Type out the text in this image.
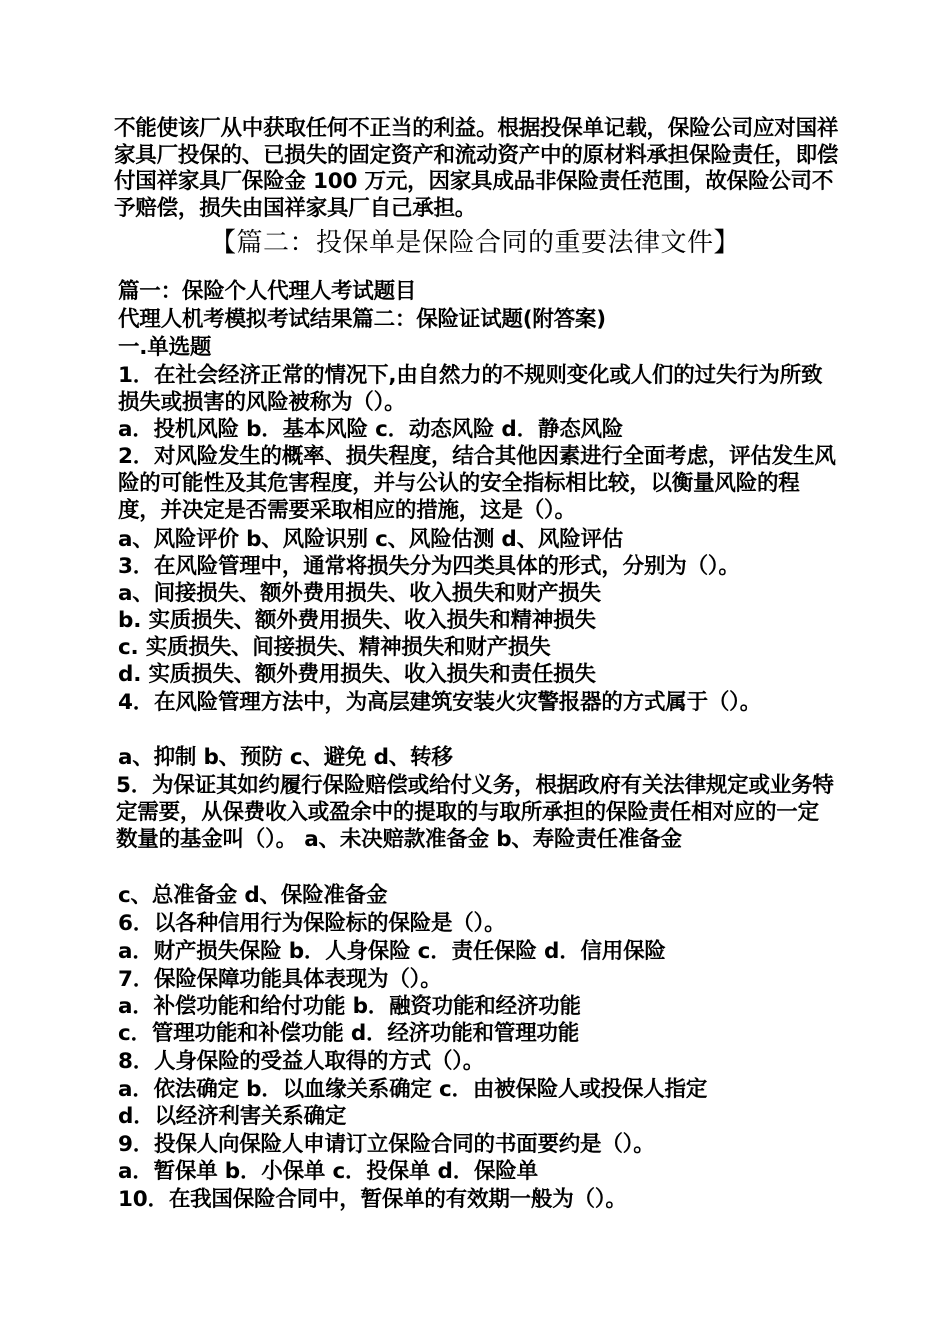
不能使该厂从中获取任何不正当的利益。根据投保单记载，保险公司应对国祥家具厂投保的、已损失的固定资产和流动资产中的原材料承担保险责任，即偿付国祥家具厂保险金 100 万元，因家具成品非保险责任范围，故保险公司不予赔偿，损失由国祥家具厂自己承担。
【篇二：投保单是保险合同的重要法律文件】
篇一：保险个人代理人考试题目
代理人机考模拟考试结果篇二：保险证试题(附答案)
一.单选题
1．在社会经济正常的情况下,由自然力的不规则变化或人们的过失行为所致损失或损害的风险被称为（）。
a．投机风险 b．基本风险 c．动态风险 d．静态风险
2．对风险发生的概率、损失程度，结合其他因素进行全面考虑，评估发生风险的可能性及其危害程度，并与公认的安全指标相比较，以衡量风险的程度，并决定是否需要采取相应的措施，这是（）。
a、风险评价 b、风险识别 c、风险估测 d、风险评估
3．在风险管理中，通常将损失分为四类具体的形式，分别为（）。
a、间接损失、额外费用损失、收入损失和财产损失
b. 实质损失、额外费用损失、收入损失和精神损失
c. 实质损失、间接损失、精神损失和财产损失
d. 实质损失、额外费用损失、收入损失和责任损失
4．在风险管理方法中，为高层建筑安装火灾警报器的方式属于（）。
a、抑制 b、预防 c、避免 d、转移
5．为保证其如约履行保险赔偿或给付义务，根据政府有关法律规定或业务特定需要，从保费收入或盈余中的提取的与取所承担的保险责任相对应的一定数量的基金叫（）。 a、未决赔款准备金 b、寿险责任准备金
c、总准备金 d、保险准备金
6．以各种信用行为保险标的保险是（）。
a．财产损失保险 b．人身保险 c．责任保险 d．信用保险
7．保险保障功能具体表现为（）。
a．补偿功能和给付功能 b．融资功能和经济功能
c．管理功能和补偿功能 d．经济功能和管理功能
8．人身保险的受益人取得的方式（）。
a．依法确定 b．以血缘关系确定 c．由被保险人或投保人指定
d．以经济利害关系确定
9．投保人向保险人申请订立保险合同的书面要约是（）。
a．暂保单 b．小保单 c．投保单 d．保险单
10．在我国保险合同中，暂保单的有效期一般为（）。
